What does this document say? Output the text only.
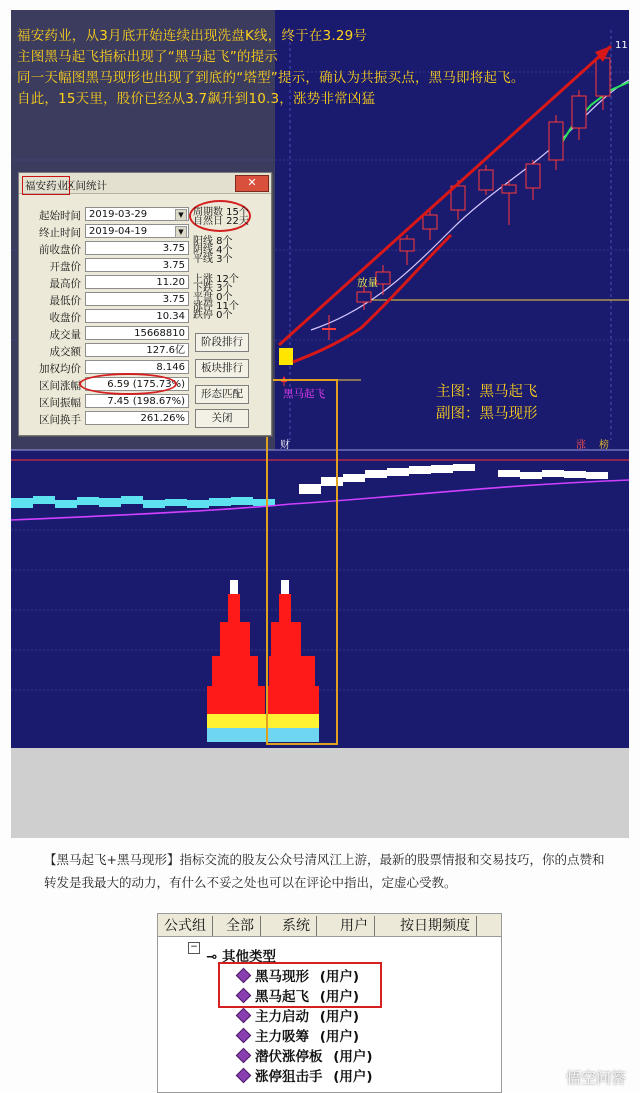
福安药业，从3月底开始连续出现洗盘K线，终于在3.29号
主图黑马起飞指标出现了“黑马起飞”的提示
同一天幅图黑马现形也出现了到底的“塔型”提示，确认为共振买点，黑马即将起飞。
自此，15天里，股价已经从3.7飙升到10.3，涨势非常凶猛
11
放量
黑马起飞	主图：黑马起飞
副图：黑马现形
财	涨 榜
福安药业
区间统计	✕
起始时间 2019-03-29	▼
终止时间 2019-04-19	▼
前收盘价	3.75
开盘价	3.75
最高价	11.20
最低价	3.75
收盘价	10.34
成交量	15668810
成交额	127.6亿
加权均价	8.146
区间涨幅	6.59 (175.73%)
区间振幅	7.45 (198.67%)
区间换手	261.26%
周期数 15个
自然日 22天
阳线 8个
阴线 4个
平线 3个
上涨 12个
下跌 3个
平盘 0个
涨停 11个
跌停 0个
阶段排行
板块排行
形态匹配
关闭
【黑马起飞+黑马现形】指标交流的股友公众号清风江上游，最新的股票情报和交易技巧，你的点赞和转发是我最大的动力，有什么不妥之处也可以在评论中指出，定虚心受教。
公式组	全部	系统	用户	按日期频度
−
⊸ 其他类型
黑马现形 (用户)
黑马起飞 (用户)
主力启动 (用户)
主力吸筹 (用户)
潜伏涨停板 (用户)
涨停狙击手 (用户)	悟空问答
